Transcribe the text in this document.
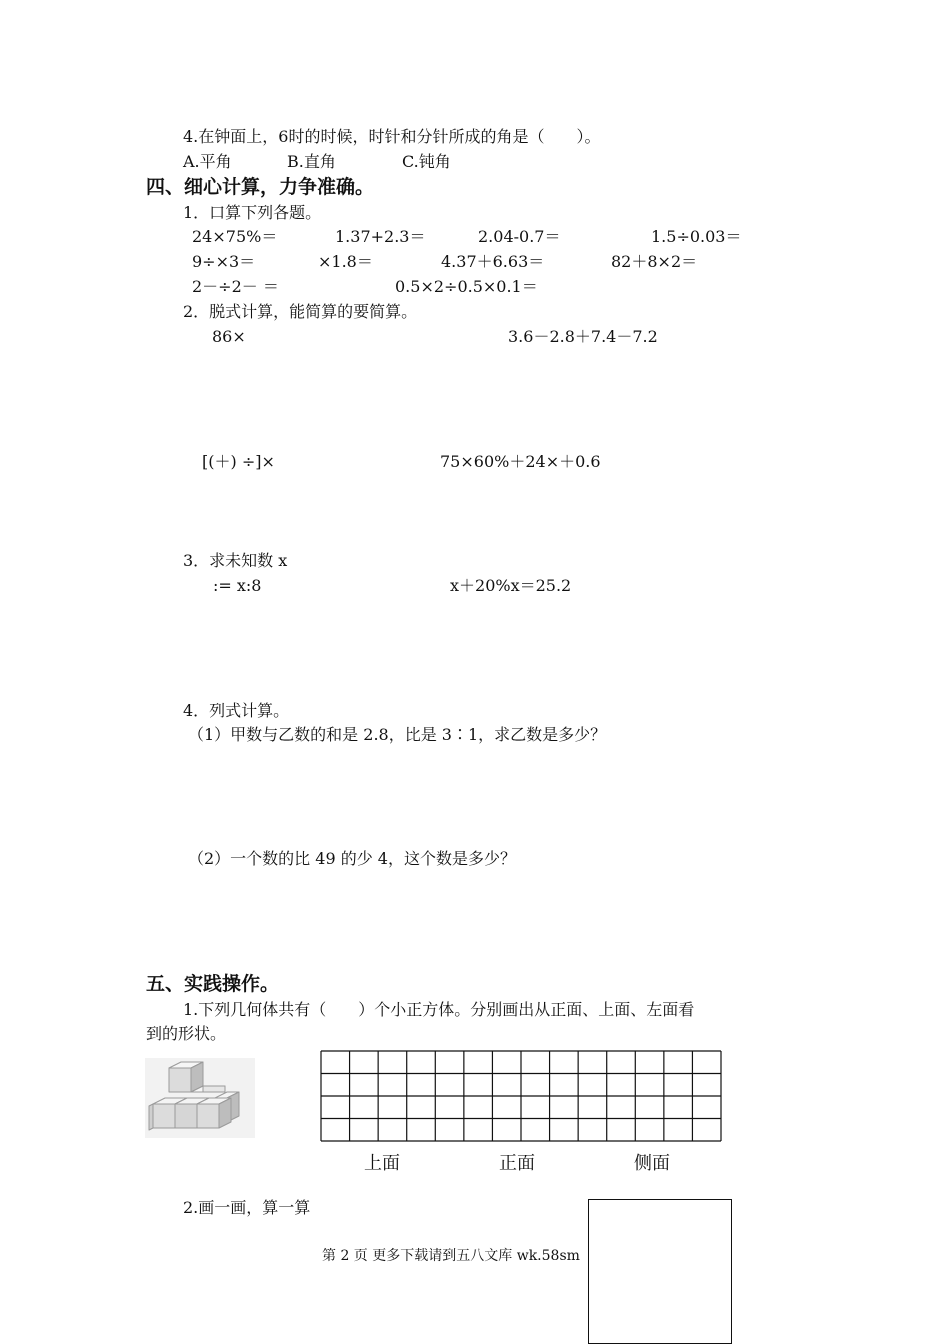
4.在钟面上，6时的时候，时针和分针所成的角是（　　）。
A.平角	B.直角	C.钝角
四、细心计算，力争准确。
1．口算下列各题。
24×75%＝	1.37+2.3＝	2.04-0.7＝	1.5÷0.03＝
9÷×3＝	×1.8＝	4.37＋6.63＝	82＋8×2＝
2－÷2－ ＝	0.5×2÷0.5×0.1＝
2．脱式计算，能简算的要简算。
86×	3.6－2.8＋7.4－7.2
[(＋) ÷]×	75×60%＋24×＋0.6
3．求未知数 x
:= x:8	x＋20%x＝25.2
4．列式计算。
（1）甲数与乙数的和是 2.8，比是 3∶1，求乙数是多少？
（2）一个数的比 49 的少 4，这个数是多少？
五、实践操作。
1.下列几何体共有（　　）个小正方体。分别画出从正面、上面、左面看
到的形状。
上面	正面	侧面
2.画一画，算一算
第 2 页 更多下载请到五八文库 wk.58sm
